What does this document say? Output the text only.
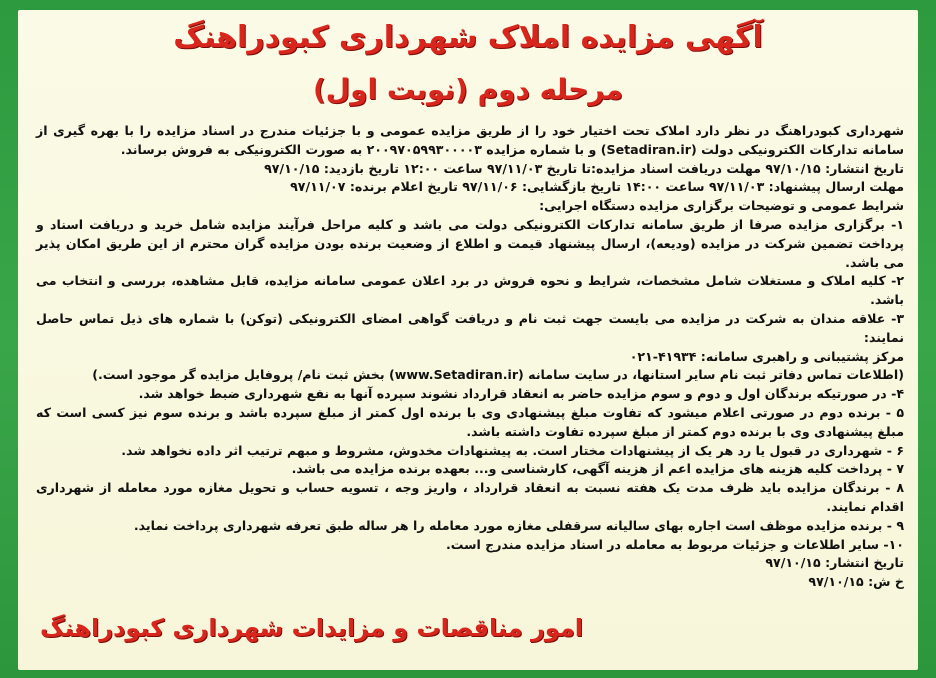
آگهی مزایده املاک شهرداری کبودراهنگ
مرحله دوم (نوبت اول)

شهرداری کبودراهنگ در نظر دارد املاک تحت اختیار خود را از طریق مزایده عمومی و با جزئیات مندرج در اسناد مزایده را با بهره گیری از سامانه تدارکات الکترونیکی دولت (Setadiran.ir) و با شماره مزایده ۲۰۰۹۷۰۵۹۹۳۰۰۰۰۳ به صورت الکترونیکی به فروش برساند.

تاریخ انتشار: ۹۷/۱۰/۱۵ مهلت دریافت اسناد مزایده:تا تاریخ ۹۷/۱۱/۰۳ ساعت ۱۲:۰۰ تاریخ بازدید: ۹۷/۱۰/۱۵

مهلت ارسال پیشنهاد: ۹۷/۱۱/۰۳ ساعت ۱۴:۰۰ تاریخ بازگشایی: ۹۷/۱۱/۰۶ تاریخ اعلام برنده: ۹۷/۱۱/۰۷

شرایط عمومی و توضیحات برگزاری مزایده دستگاه اجرایی:

۱- برگزاری مزایده صرفا از طریق سامانه تدارکات الکترونیکی دولت می باشد و کلیه مراحل فرآیند مزایده شامل خرید و دریافت اسناد و پرداخت تضمین شرکت در مزایده (ودیعه)، ارسال پیشنهاد قیمت و اطلاع از وضعیت برنده بودن مزایده گران محترم از این طریق امکان پذیر می باشد.

۲- کلیه املاک و مستغلات شامل مشخصات، شرایط و نحوه فروش در برد اعلان عمومی سامانه مزایده، قابل مشاهده، بررسی و انتخاب می باشد.

۳- علاقه مندان به شرکت در مزایده می بایست جهت ثبت نام و دریافت گواهی امضای الکترونیکی (توکن) با شماره های ذیل تماس حاصل نمایند:

مرکز پشتیبانی و راهبری سامانه: ۴۱۹۳۴-۰۲۱

(اطلاعات تماس دفاتر ثبت نام سایر استانها، در سایت سامانه (www.Setadiran.ir) بخش ثبت نام/ پروفایل مزایده گر موجود است.)

۴- در صورتیکه برندگان اول و دوم و سوم مزایده حاضر به انعقاد قرارداد نشوند سپرده آنها به نفع شهرداری ضبط خواهد شد.

۵ - برنده دوم در صورتی اعلام میشود که تفاوت مبلغ پیشنهادی وی با برنده اول کمتر از مبلغ سپرده باشد و برنده سوم نیز کسی است که مبلغ پیشنهادی وی با برنده دوم کمتر از مبلغ سپرده تفاوت داشته باشد.

۶ - شهرداری در قبول یا رد هر یک از پیشنهادات مختار است. به پیشنهادات مخدوش، مشروط و مبهم ترتیب اثر داده نخواهد شد.

۷ - پرداخت کلیه هزینه های مزایده اعم از هزینه آگهی، کارشناسی و... بعهده برنده مزایده می باشد.

۸ - برندگان مزایده باید ظرف مدت یک هفته نسبت به انعقاد قرارداد ، واریز وجه ، تسویه حساب و تحویل مغازه مورد معامله از شهرداری اقدام نمایند.

۹ - برنده مزایده موظف است اجاره بهای سالیانه سرقفلی مغازه مورد معامله را هر ساله طبق تعرفه شهرداری پرداخت نماید.

۱۰- سایر اطلاعات و جزئیات مربوط به معامله در اسناد مزایده مندرج است.

تاریخ انتشار: ۹۷/۱۰/۱۵

خ ش: ۹۷/۱۰/۱۵

امور مناقصات و مزایدات شهرداری کبودراهنگ
